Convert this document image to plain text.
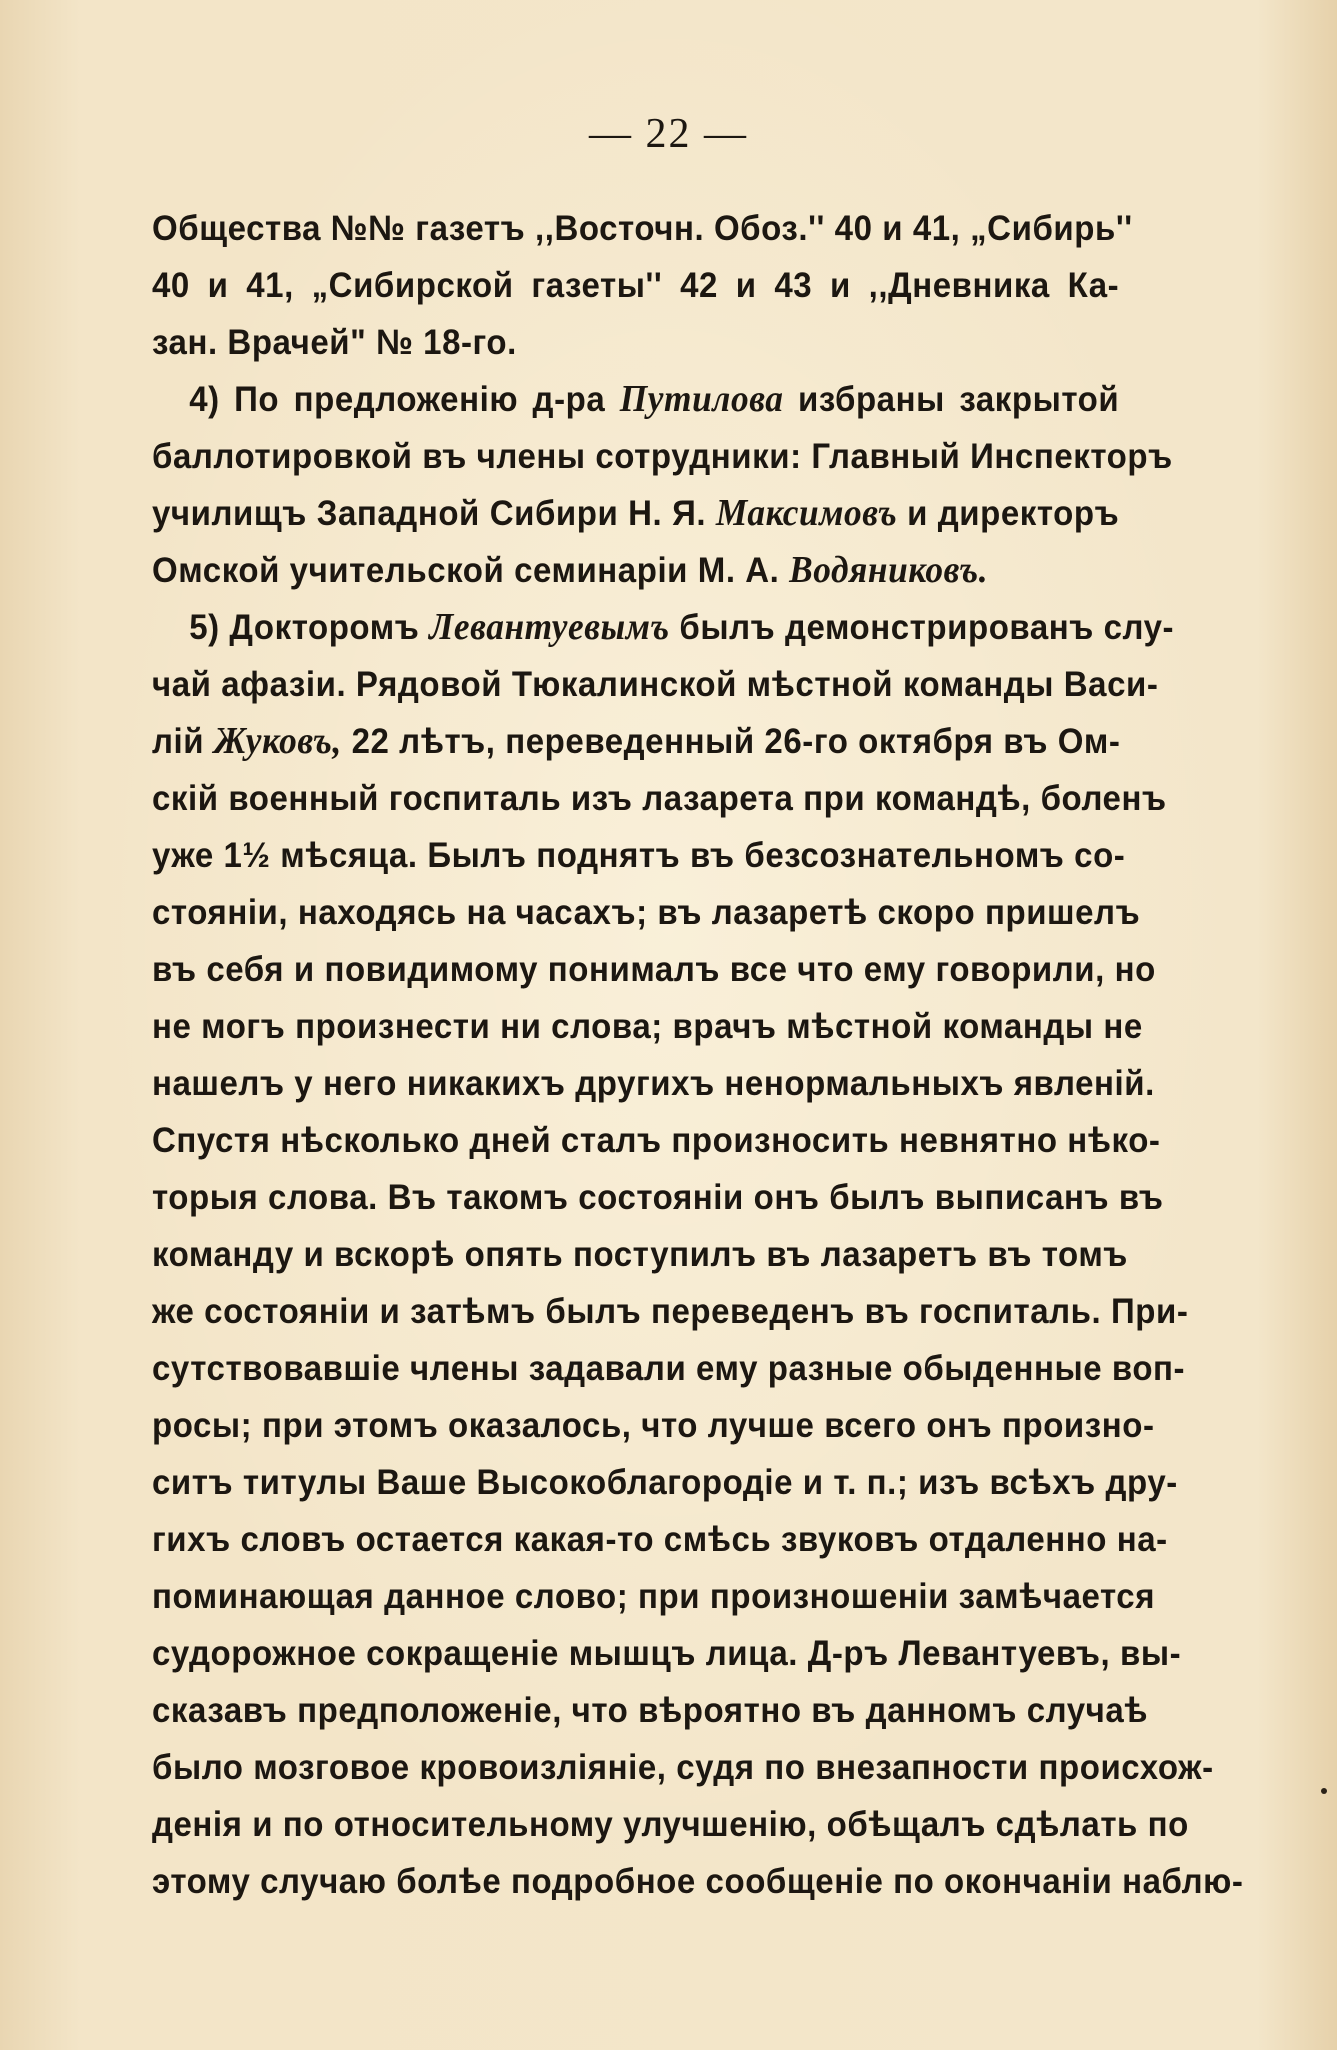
— 22 —
Общества №№ газетъ ,,Восточн. Обоз.'' 40 и 41, „Сибирь''
40 и 41, „Сибирской газеты'' 42 и 43 и ,,Дневника Ка-
зан. Врачей" № 18-го.
4) По предложенію д-ра Путилова избраны закрытой
баллотировкой въ члены сотрудники: Главный Инспекторъ
училищъ Западной Сибири Н. Я. Максимовъ и директоръ
Омской учительской семинаріи М. А. Водяниковъ.
5) Докторомъ Левантуевымъ былъ демонстрированъ слу-
чай афазіи. Рядовой Тюкалинской мѣстной команды Васи-
лій Жуковъ, 22 лѣтъ, переведенный 26-го октября въ Ом-
скій военный госпиталь изъ лазарета при командѣ, боленъ
уже 1½ мѣсяца. Былъ поднятъ въ безсознательномъ со-
стояніи, находясь на часахъ; въ лазаретѣ скоро пришелъ
въ себя и повидимому понималъ все что ему говорили, но
не могъ произнести ни слова; врачъ мѣстной команды не
нашелъ у него никакихъ другихъ ненормальныхъ явленій.
Спустя нѣсколько дней сталъ произносить невнятно нѣко-
торыя слова. Въ такомъ состояніи онъ былъ выписанъ въ
команду и вскорѣ опять поступилъ въ лазаретъ въ томъ
же состояніи и затѣмъ былъ переведенъ въ госпиталь. При-
сутствовавшіе члены задавали ему разные обыденные воп-
росы; при этомъ оказалось, что лучше всего онъ произно-
ситъ титулы Ваше Высокоблагородіе и т. п.; изъ всѣхъ дру-
гихъ словъ остается какая-то смѣсь звуковъ отдаленно на-
поминающая данное слово; при произношеніи замѣчается
судорожное сокращеніе мышцъ лица. Д-ръ Левантуевъ, вы-
сказавъ предположеніе, что вѣроятно въ данномъ случаѣ
было мозговое кровоизліяніе, судя по внезапности происхож-
денія и по относительному улучшенію, обѣщалъ сдѣлать по
этому случаю болѣе подробное сообщеніе по окончаніи наблю-
